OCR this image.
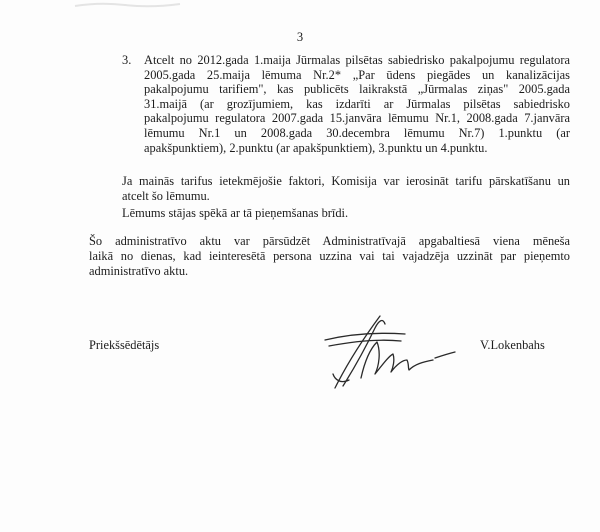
3
3. Atcelt no 2012.gada 1.maija Jūrmalas pilsētas sabiedrisko pakalpojumu regulatora
2005.gada 25.maija lēmuma Nr.2* „Par ūdens piegādes un kanalizācijas
pakalpojumu tarifiem", kas publicēts laikrakstā „Jūrmalas ziņas" 2005.gada
31.maijā (ar grozījumiem, kas izdarīti ar Jūrmalas pilsētas sabiedrisko
pakalpojumu regulatora 2007.gada 15.janvāra lēmumu Nr.1, 2008.gada 7.janvāra
lēmumu Nr.1 un 2008.gada 30.decembra lēmumu Nr.7) 1.punktu (ar
apakšpunktiem), 2.punktu (ar apakšpunktiem), 3.punktu un 4.punktu.
Ja mainās tarifus ietekmējošie faktori, Komisija var ierosināt tarifu pārskatīšanu un
atcelt šo lēmumu.
Lēmums stājas spēkā ar tā pieņemšanas brīdi.
Šo administratīvo aktu var pārsūdzēt Administratīvajā apgabaltiesā viena mēneša
laikā no dienas, kad ieinteresētā persona uzzina vai tai vajadzēja uzzināt par pieņemto
administratīvo aktu.
Priekšsēdētājs	V.Lokenbahs
